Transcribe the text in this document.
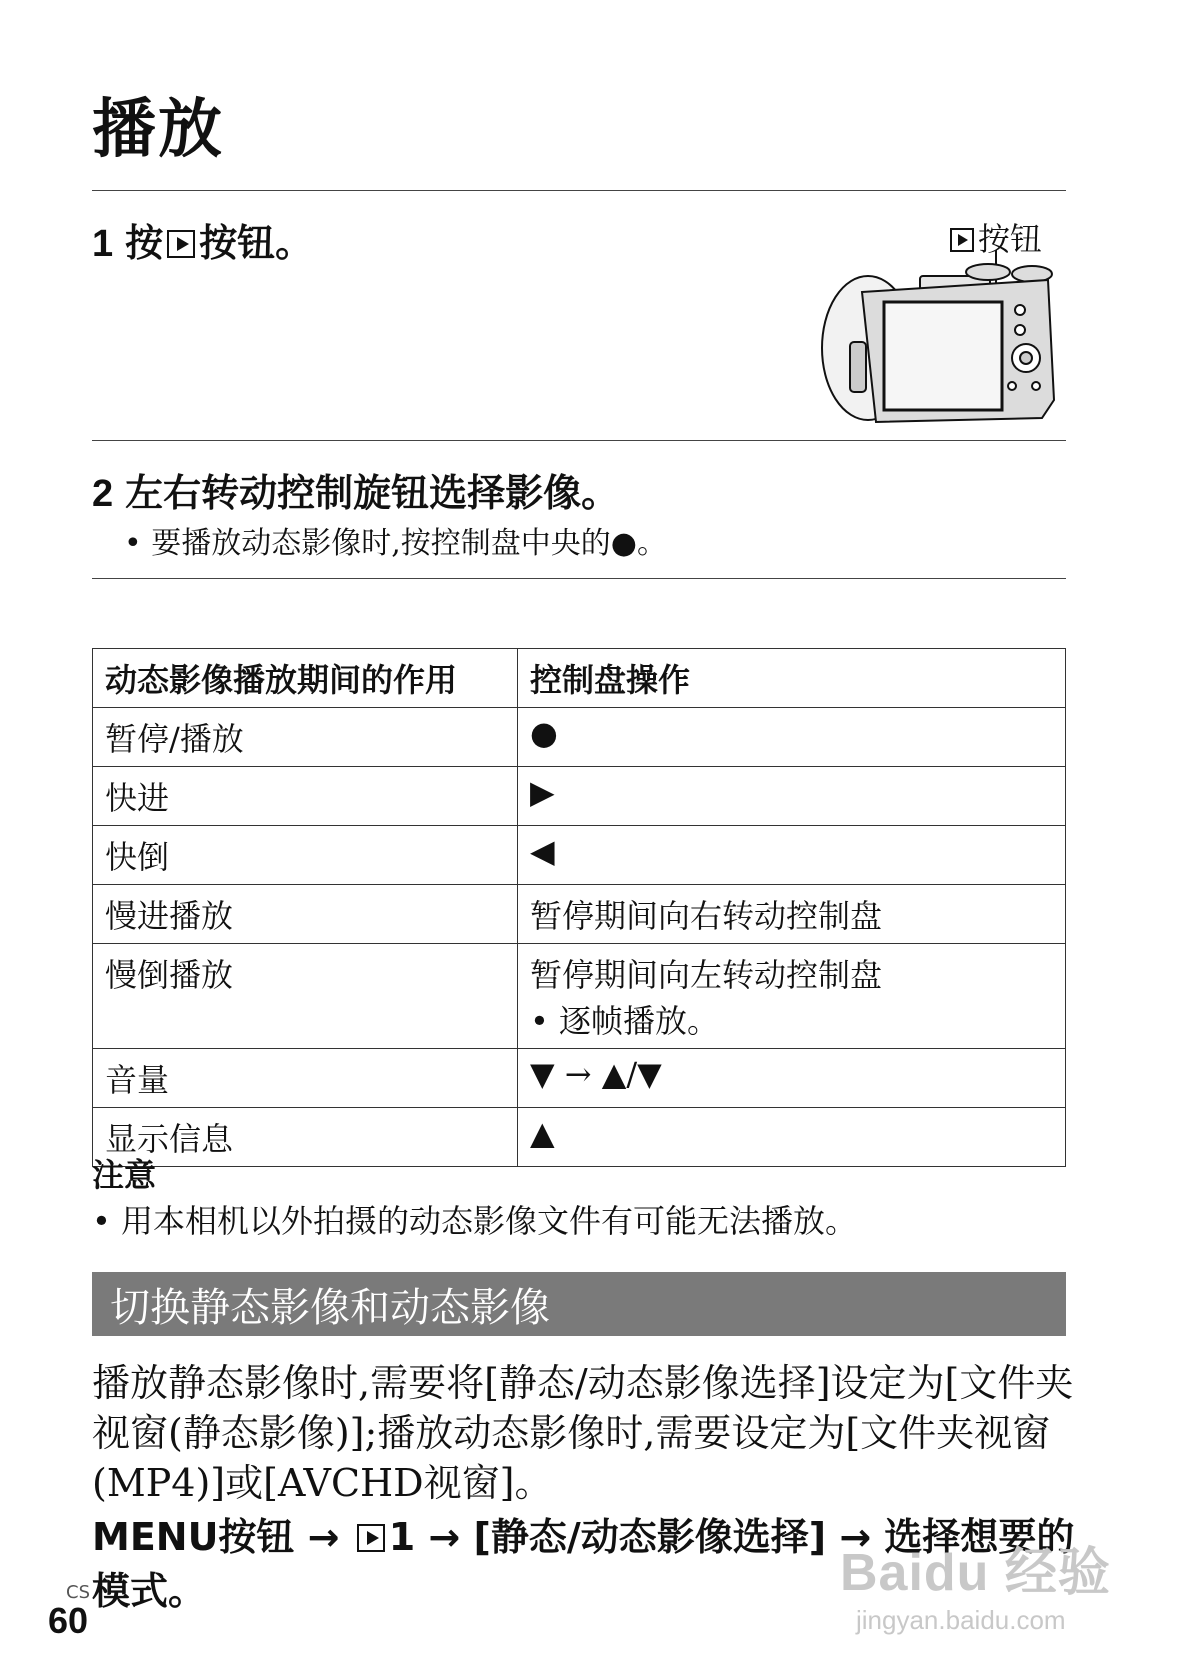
播放
1 按 按钮。	按钮
2 左右转动控制旋钮选择影像。
• 要播放动态影像时,按控制盘中央的●。
动态影像播放期间的作用	控制盘操作
暂停/播放	●
快进	▶
快倒	◀
慢进播放	暂停期间向右转动控制盘
慢倒播放	暂停期间向左转动控制盘
• 逐帧播放。

音量	▼ → ▲/▼
显示信息	▲
注意
• 用本相机以外拍摄的动态影像文件有可能无法播放。
切换静态影像和动态影像
播放静态影像时,需要将[静态/动态影像选择]设定为[文件夹视窗(静态影像)];播放动态影像时,需要设定为[文件夹视窗(MP4)]或[AVCHD视窗]。
MENU按钮 → 1 → [静态/动态影像选择] → 选择想要的模式。
CS
60
Baidu 经验
jingyan.baidu.com
